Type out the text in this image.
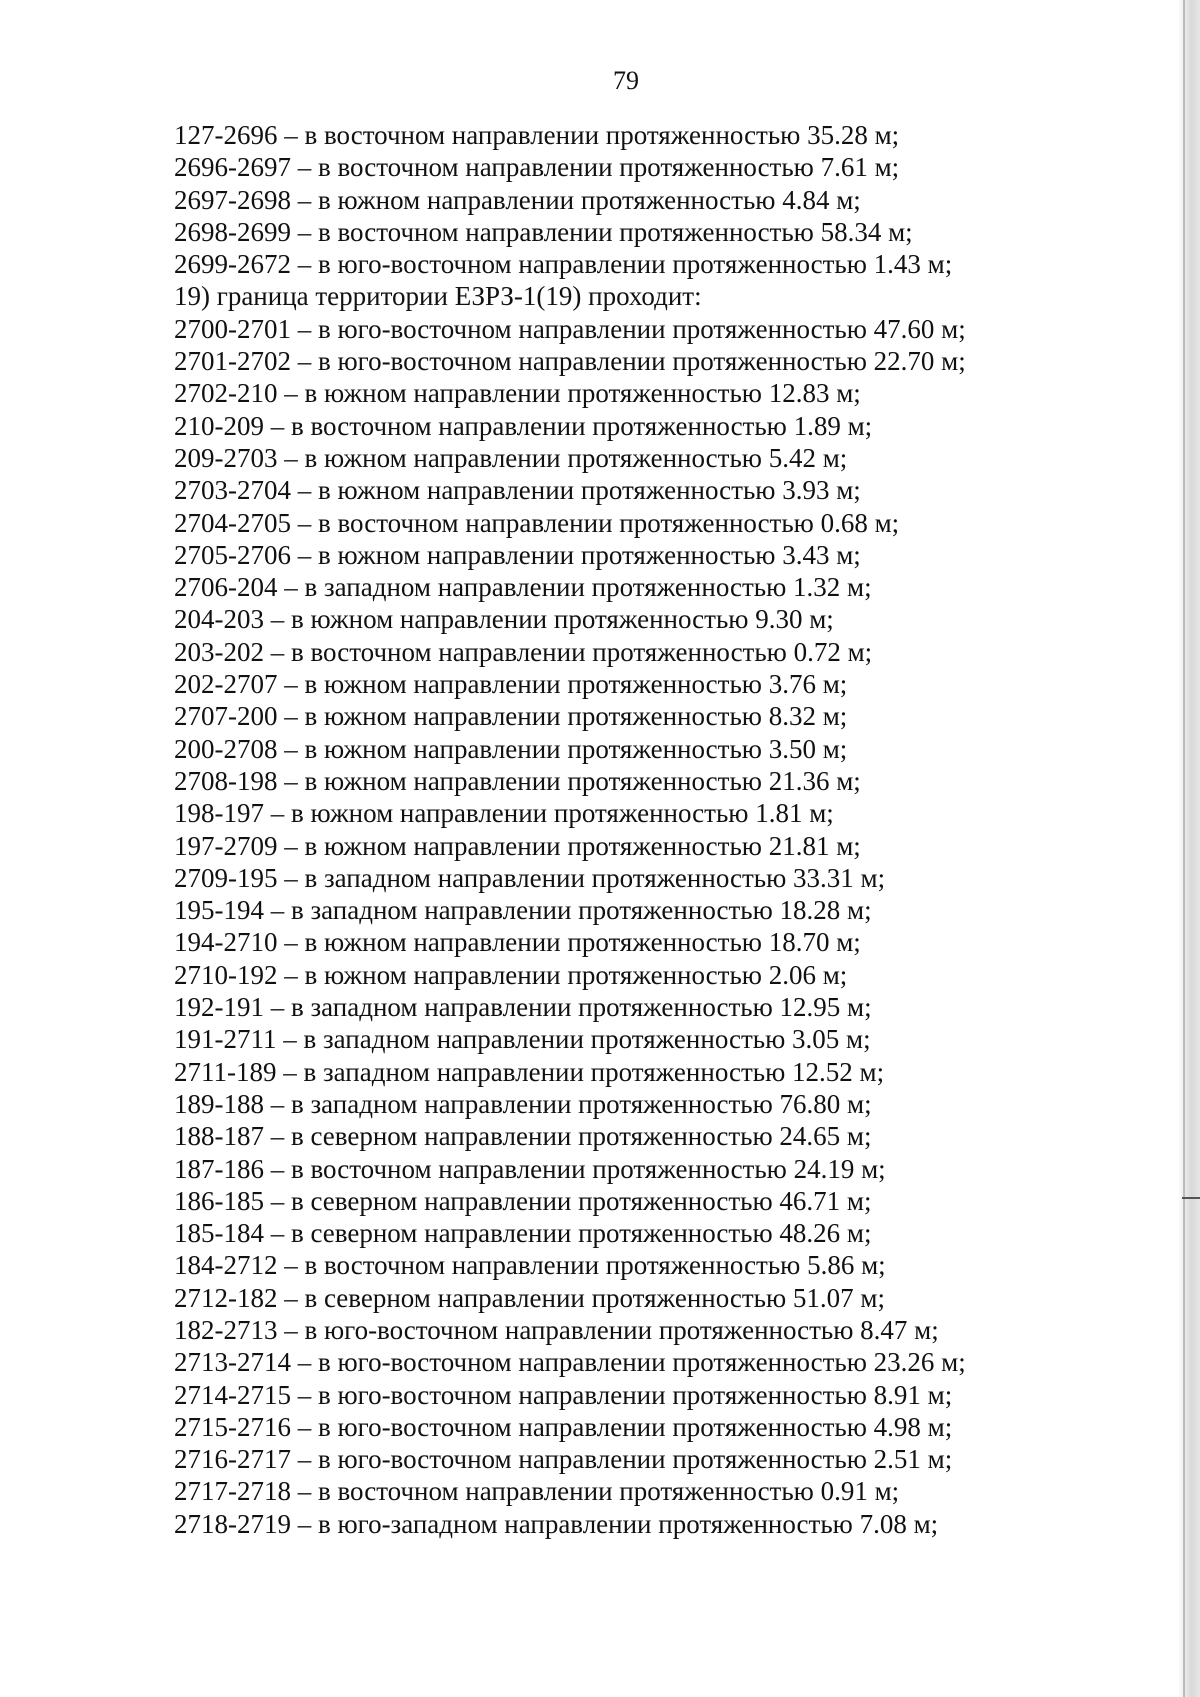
79
127-2696 – в восточном направлении протяженностью 35.28 м;
2696-2697 – в восточном направлении протяженностью 7.61 м;
2697-2698 – в южном направлении протяженностью 4.84 м;
2698-2699 – в восточном направлении протяженностью 58.34 м;
2699-2672 – в юго-восточном направлении протяженностью 1.43 м;
19) граница территории ЕЗРЗ-1(19) проходит:
2700-2701 – в юго-восточном направлении протяженностью 47.60 м;
2701-2702 – в юго-восточном направлении протяженностью 22.70 м;
2702-210 – в южном направлении протяженностью 12.83 м;
210-209 – в восточном направлении протяженностью 1.89 м;
209-2703 – в южном направлении протяженностью 5.42 м;
2703-2704 – в южном направлении протяженностью 3.93 м;
2704-2705 – в восточном направлении протяженностью 0.68 м;
2705-2706 – в южном направлении протяженностью 3.43 м;
2706-204 – в западном направлении протяженностью 1.32 м;
204-203 – в южном направлении протяженностью 9.30 м;
203-202 – в восточном направлении протяженностью 0.72 м;
202-2707 – в южном направлении протяженностью 3.76 м;
2707-200 – в южном направлении протяженностью 8.32 м;
200-2708 – в южном направлении протяженностью 3.50 м;
2708-198 – в южном направлении протяженностью 21.36 м;
198-197 – в южном направлении протяженностью 1.81 м;
197-2709 – в южном направлении протяженностью 21.81 м;
2709-195 – в западном направлении протяженностью 33.31 м;
195-194 – в западном направлении протяженностью 18.28 м;
194-2710 – в южном направлении протяженностью 18.70 м;
2710-192 – в южном направлении протяженностью 2.06 м;
192-191 – в западном направлении протяженностью 12.95 м;
191-2711 – в западном направлении протяженностью 3.05 м;
2711-189 – в западном направлении протяженностью 12.52 м;
189-188 – в западном направлении протяженностью 76.80 м;
188-187 – в северном направлении протяженностью 24.65 м;
187-186 – в восточном направлении протяженностью 24.19 м;
186-185 – в северном направлении протяженностью 46.71 м;
185-184 – в северном направлении протяженностью 48.26 м;
184-2712 – в восточном направлении протяженностью 5.86 м;
2712-182 – в северном направлении протяженностью 51.07 м;
182-2713 – в юго-восточном направлении протяженностью 8.47 м;
2713-2714 – в юго-восточном направлении протяженностью 23.26 м;
2714-2715 – в юго-восточном направлении протяженностью 8.91 м;
2715-2716 – в юго-восточном направлении протяженностью 4.98 м;
2716-2717 – в юго-восточном направлении протяженностью 2.51 м;
2717-2718 – в восточном направлении протяженностью 0.91 м;
2718-2719 – в юго-западном направлении протяженностью 7.08 м;
